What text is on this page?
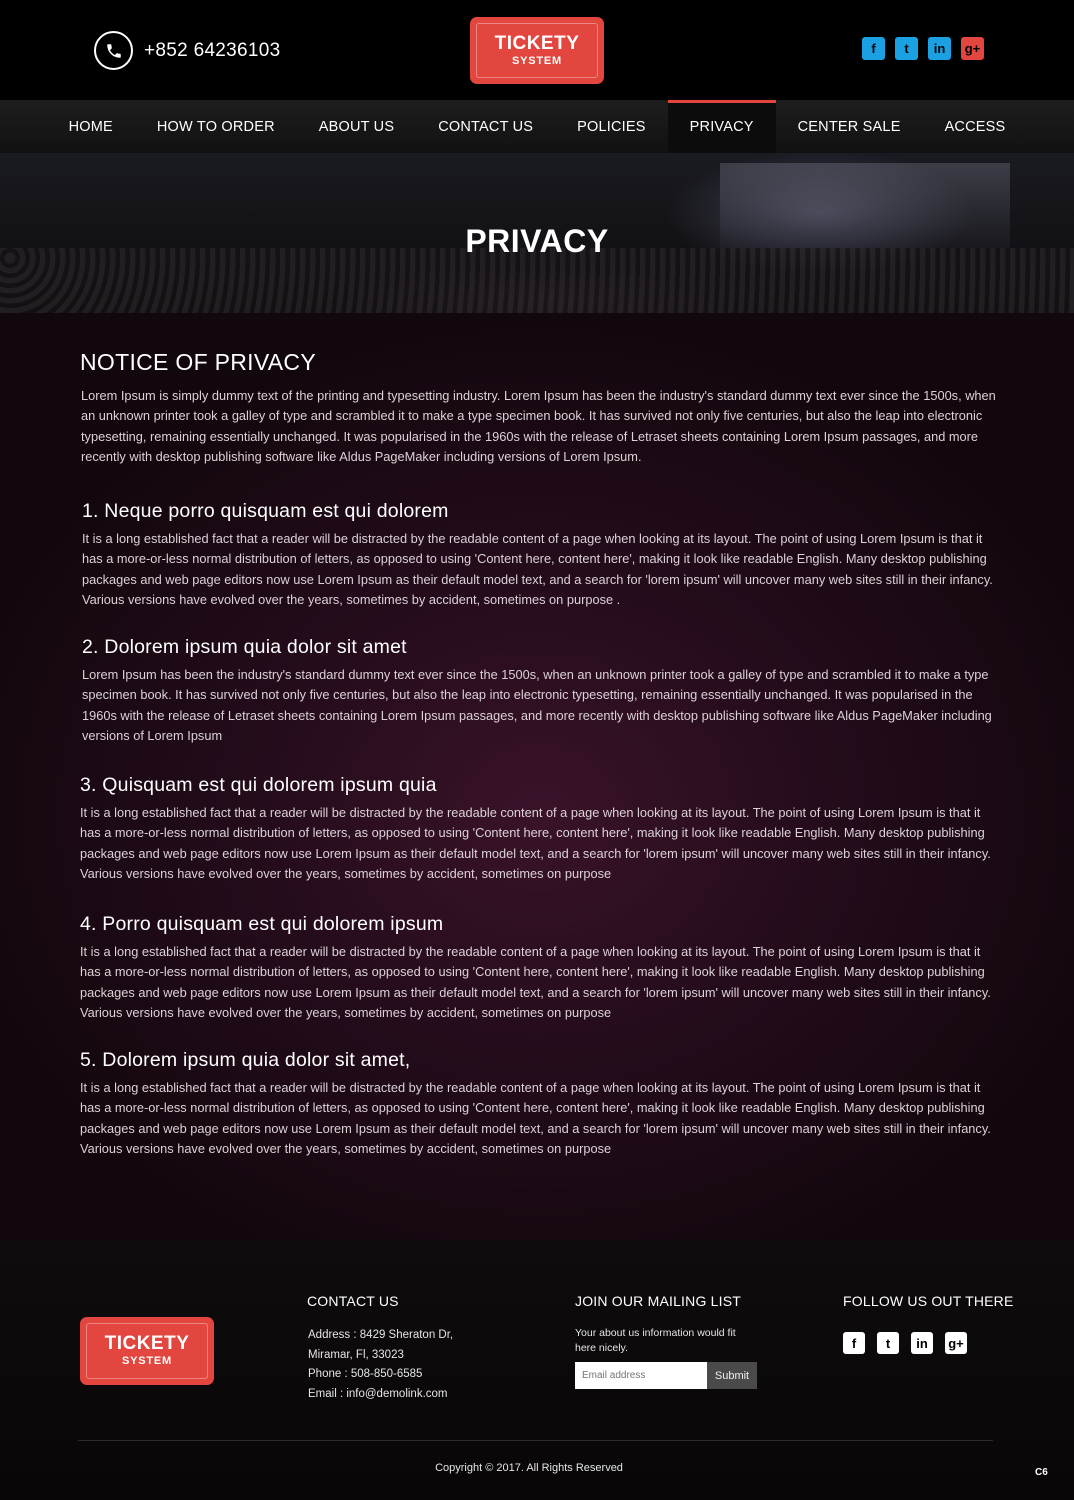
+852 64236103	TICKETY
SYSTEM
f	t	in	g+
HOME	HOW TO ORDER	ABOUT US	CONTACT US	POLICIES	PRIVACY	CENTER SALE	ACCESS
PRIVACY
NOTICE OF PRIVACY

Lorem Ipsum is simply dummy text of the printing and typesetting industry. Lorem Ipsum has been the industry's standard dummy text ever since the 1500s, when an unknown printer took a galley of type and scrambled it to make a type specimen book. It has survived not only five centuries, but also the leap into electronic typesetting, remaining essentially unchanged. It was popularised in the 1960s with the release of Letraset sheets containing Lorem Ipsum passages, and more recently with desktop publishing software like Aldus PageMaker including versions of Lorem Ipsum.

1. Neque porro quisquam est qui dolorem

It is a long established fact that a reader will be distracted by the readable content of a page when looking at its layout. The point of using Lorem Ipsum is that it has a more-or-less normal distribution of letters, as opposed to using 'Content here, content here', making it look like readable English. Many desktop publishing packages and web page editors now use Lorem Ipsum as their default model text, and a search for 'lorem ipsum' will uncover many web sites still in their infancy. Various versions have evolved over the years, sometimes by accident, sometimes on purpose .

2. Dolorem ipsum quia dolor sit amet

Lorem Ipsum has been the industry's standard dummy text ever since the 1500s, when an unknown printer took a galley of type and scrambled it to make a type specimen book. It has survived not only five centuries, but also the leap into electronic typesetting, remaining essentially unchanged. It was popularised in the 1960s with the release of Letraset sheets containing Lorem Ipsum passages, and more recently with desktop publishing software like Aldus PageMaker including versions of Lorem Ipsum

3. Quisquam est qui dolorem ipsum quia

It is a long established fact that a reader will be distracted by the readable content of a page when looking at its layout. The point of using Lorem Ipsum is that it has a more-or-less normal distribution of letters, as opposed to using 'Content here, content here', making it look like readable English. Many desktop publishing packages and web page editors now use Lorem Ipsum as their default model text, and a search for 'lorem ipsum' will uncover many web sites still in their infancy. Various versions have evolved over the years, sometimes by accident, sometimes on purpose

4. Porro quisquam est qui dolorem ipsum

It is a long established fact that a reader will be distracted by the readable content of a page when looking at its layout. The point of using Lorem Ipsum is that it has a more-or-less normal distribution of letters, as opposed to using 'Content here, content here', making it look like readable English. Many desktop publishing packages and web page editors now use Lorem Ipsum as their default model text, and a search for 'lorem ipsum' will uncover many web sites still in their infancy. Various versions have evolved over the years, sometimes by accident, sometimes on purpose

5. Dolorem ipsum quia dolor sit amet,

It is a long established fact that a reader will be distracted by the readable content of a page when looking at its layout. The point of using Lorem Ipsum is that it has a more-or-less normal distribution of letters, as opposed to using 'Content here, content here', making it look like readable English. Many desktop publishing packages and web page editors now use Lorem Ipsum as their default model text, and a search for 'lorem ipsum' will uncover many web sites still in their infancy. Various versions have evolved over the years, sometimes by accident, sometimes on purpose

TICKETY
SYSTEM
CONTACT US
Address : 8429 Sheraton Dr,
Miramar, Fl, 33023
Phone : 508-850-6585
Email : info@demolink.com
JOIN OUR MAILING LIST
Your about us information would fit here nicely.
Email address
Submit
FOLLOW US OUT THERE
f	t	in	g+
Copyright © 2017. All Rights Reserved	C6
